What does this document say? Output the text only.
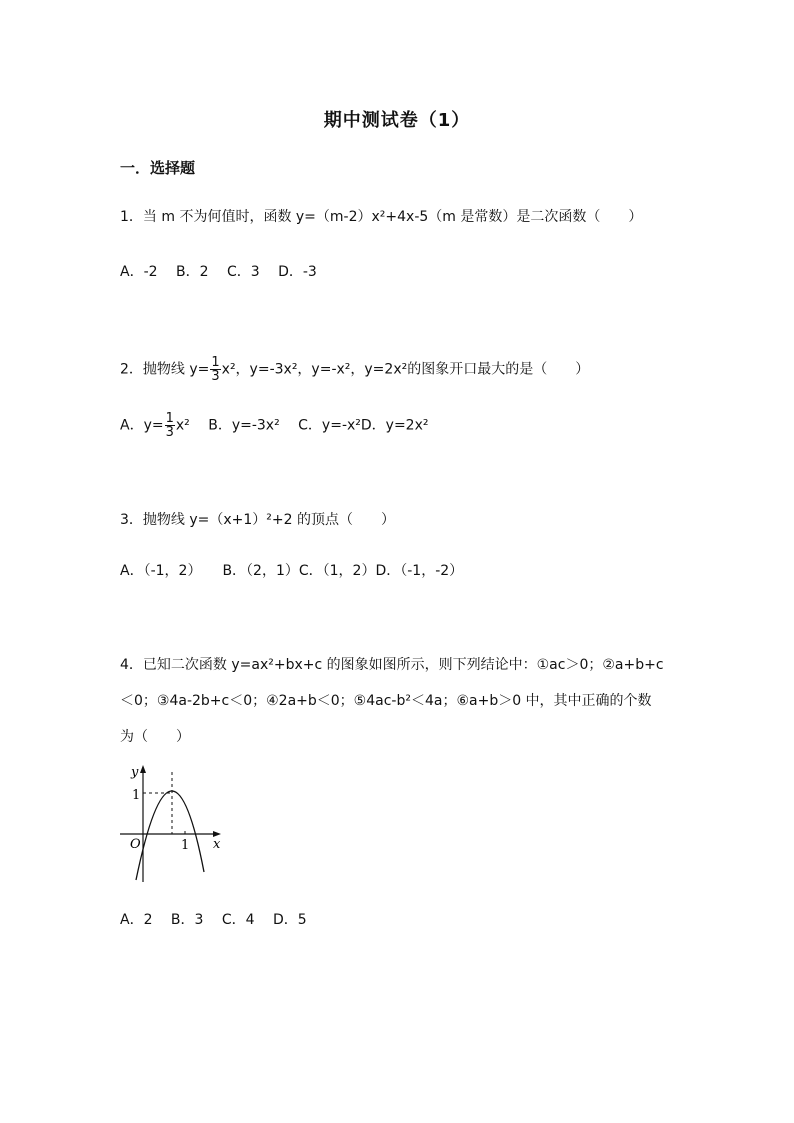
期中测试卷（1）
一．选择题
1．当 m 不为何值时，函数 y=（m-2）x²+4x-5（m 是常数）是二次函数（　　）
A．-2　 B．2　 C．3　 D．-3
2．抛物线 $y= \frac{1}{3} x^2$，y=-3x²，y=-x²，y=2x²的图象开口最大的是（　　）
A．$y= \frac{1}{3} x^2$　 B．y=-3x²　 C．y=-x²D．y=2x²
3．抛物线 y=（x+1）²+2 的顶点（　　）
A．（-1，2）　　B．（2，1）C．（1，2）D．（-1，-2）
4．已知二次函数 y=ax²+bx+c 的图象如图所示，则下列结论中：①ac＞0；②a+b+c
＜0；③4a-2b+c＜0；④2a+b＜0；⑤4ac-b²＜4a；⑥a+b＞0 中，其中正确的个数
为（　　）
y
x
O
1
1
A．2　 B．3　 C．4　 D．5
